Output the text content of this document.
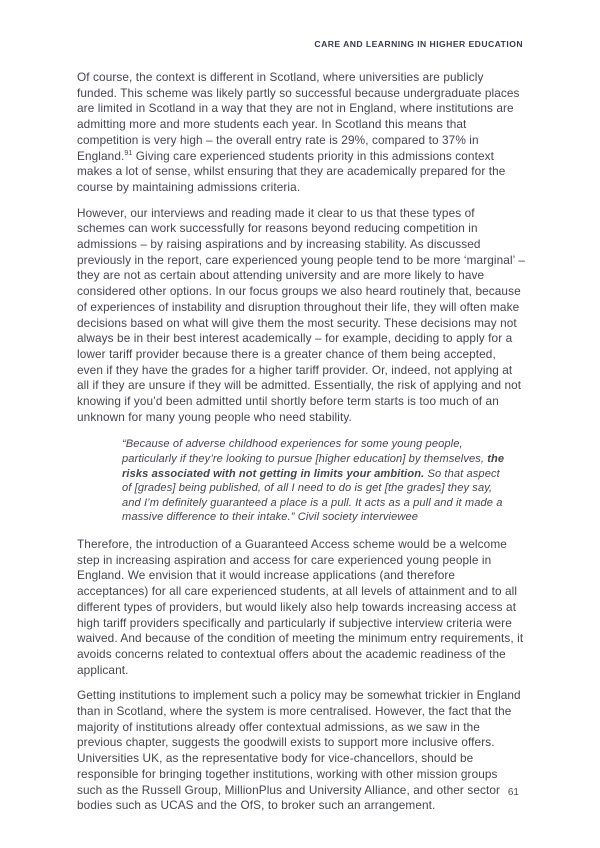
CARE AND LEARNING IN HIGHER EDUCATION

Of course, the context is different in Scotland, where universities are publicly funded. This scheme was likely partly so successful because undergraduate places are limited in Scotland in a way that they are not in England, where institutions are admitting more and more students each year. In Scotland this means that competition is very high – the overall entry rate is 29%, compared to 37% in England.$^{91}$ Giving care experienced students priority in this admissions context makes a lot of sense, whilst ensuring that they are academically prepared for the course by maintaining admissions criteria.

However, our interviews and reading made it clear to us that these types of schemes can work successfully for reasons beyond reducing competition in admissions – by raising aspirations and by increasing stability. As discussed previously in the report, care experienced young people tend to be more ‘marginal’ – they are not as certain about attending university and are more likely to have considered other options. In our focus groups we also heard routinely that, because of experiences of instability and disruption throughout their life, they will often make decisions based on what will give them the most security. These decisions may not always be in their best interest academically – for example, deciding to apply for a lower tariff provider because there is a greater chance of them being accepted, even if they have the grades for a higher tariff provider. Or, indeed, not applying at all if they are unsure if they will be admitted. Essentially, the risk of applying and not knowing if you’d been admitted until shortly before term starts is too much of an unknown for many young people who need stability.

“Because of adverse childhood experiences for some young people, particularly if they’re looking to pursue [higher education] by themselves, the risks associated with not getting in limits your ambition. So that aspect of [grades] being published, of all I need to do is get [the grades] they say, and I’m definitely guaranteed a place is a pull. It acts as a pull and it made a massive difference to their intake.” Civil society interviewee

Therefore, the introduction of a Guaranteed Access scheme would be a welcome step in increasing aspiration and access for care experienced young people in England. We envision that it would increase applications (and therefore acceptances) for all care experienced students, at all levels of attainment and to all different types of providers, but would likely also help towards increasing access at high tariff providers specifically and particularly if subjective interview criteria were waived. And because of the condition of meeting the minimum entry requirements, it avoids concerns related to contextual offers about the academic readiness of the applicant.

Getting institutions to implement such a policy may be somewhat trickier in England than in Scotland, where the system is more centralised. However, the fact that the majority of institutions already offer contextual admissions, as we saw in the previous chapter, suggests the goodwill exists to support more inclusive offers. Universities UK, as the representative body for vice-chancellors, should be responsible for bringing together institutions, working with other mission groups such as the Russell Group, MillionPlus and University Alliance, and other sector bodies such as UCAS and the OfS, to broker such an arrangement.

61
